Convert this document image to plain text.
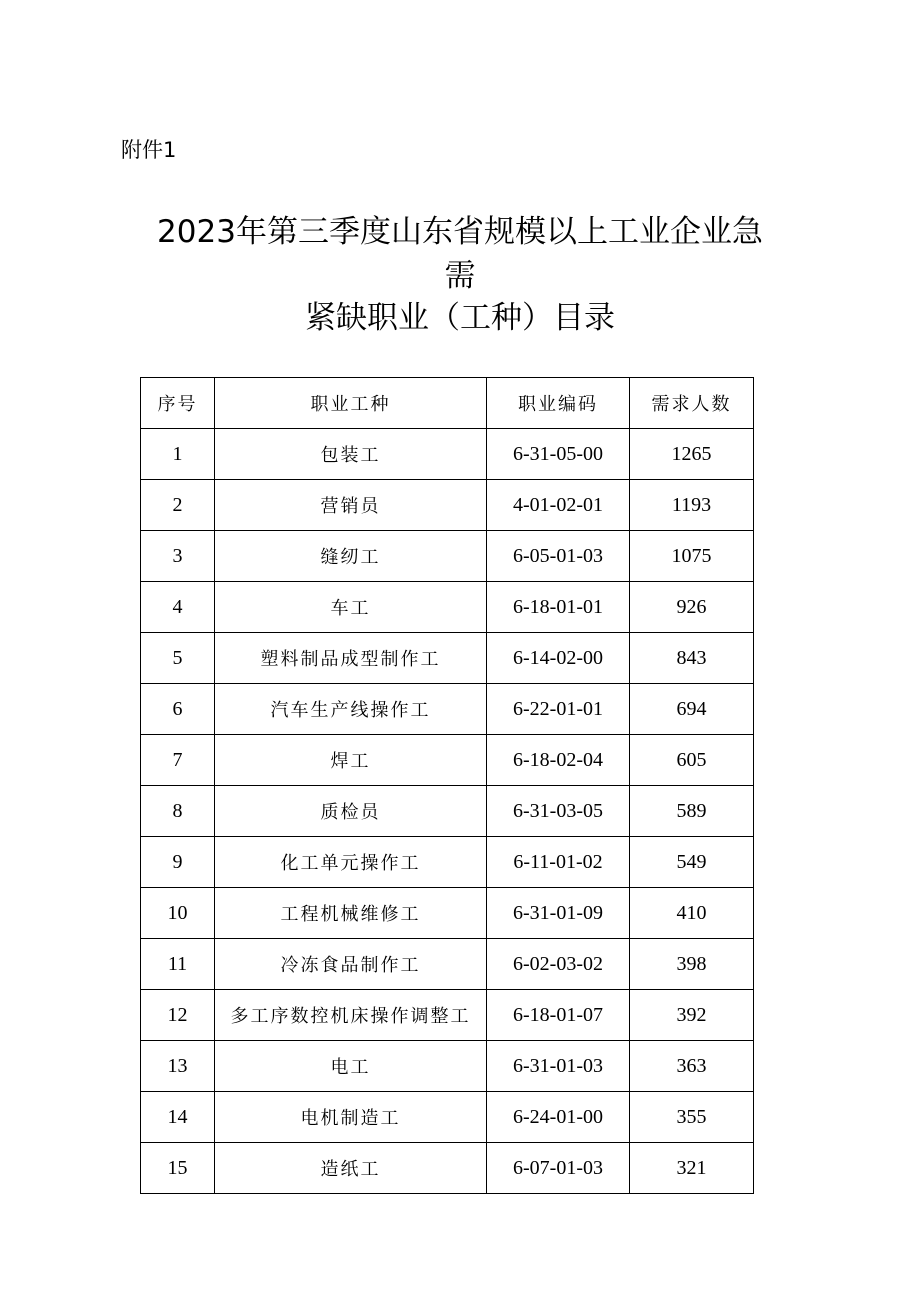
附件1
2023年第三季度山东省规模以上工业企业急
需
紧缺职业（工种）目录
序号	职业工种	职业编码	需求人数
1	包装工	6-31-05-00	1265
2	营销员	4-01-02-01	1193
3	缝纫工	6-05-01-03	1075
4	车工	6-18-01-01	926
5	塑料制品成型制作工	6-14-02-00	843
6	汽车生产线操作工	6-22-01-01	694
7	焊工	6-18-02-04	605
8	质检员	6-31-03-05	589
9	化工单元操作工	6-11-01-02	549
10	工程机械维修工	6-31-01-09	410
11	冷冻食品制作工	6-02-03-02	398
12	多工序数控机床操作调整工	6-18-01-07	392
13	电工	6-31-01-03	363
14	电机制造工	6-24-01-00	355
15	造纸工	6-07-01-03	321
